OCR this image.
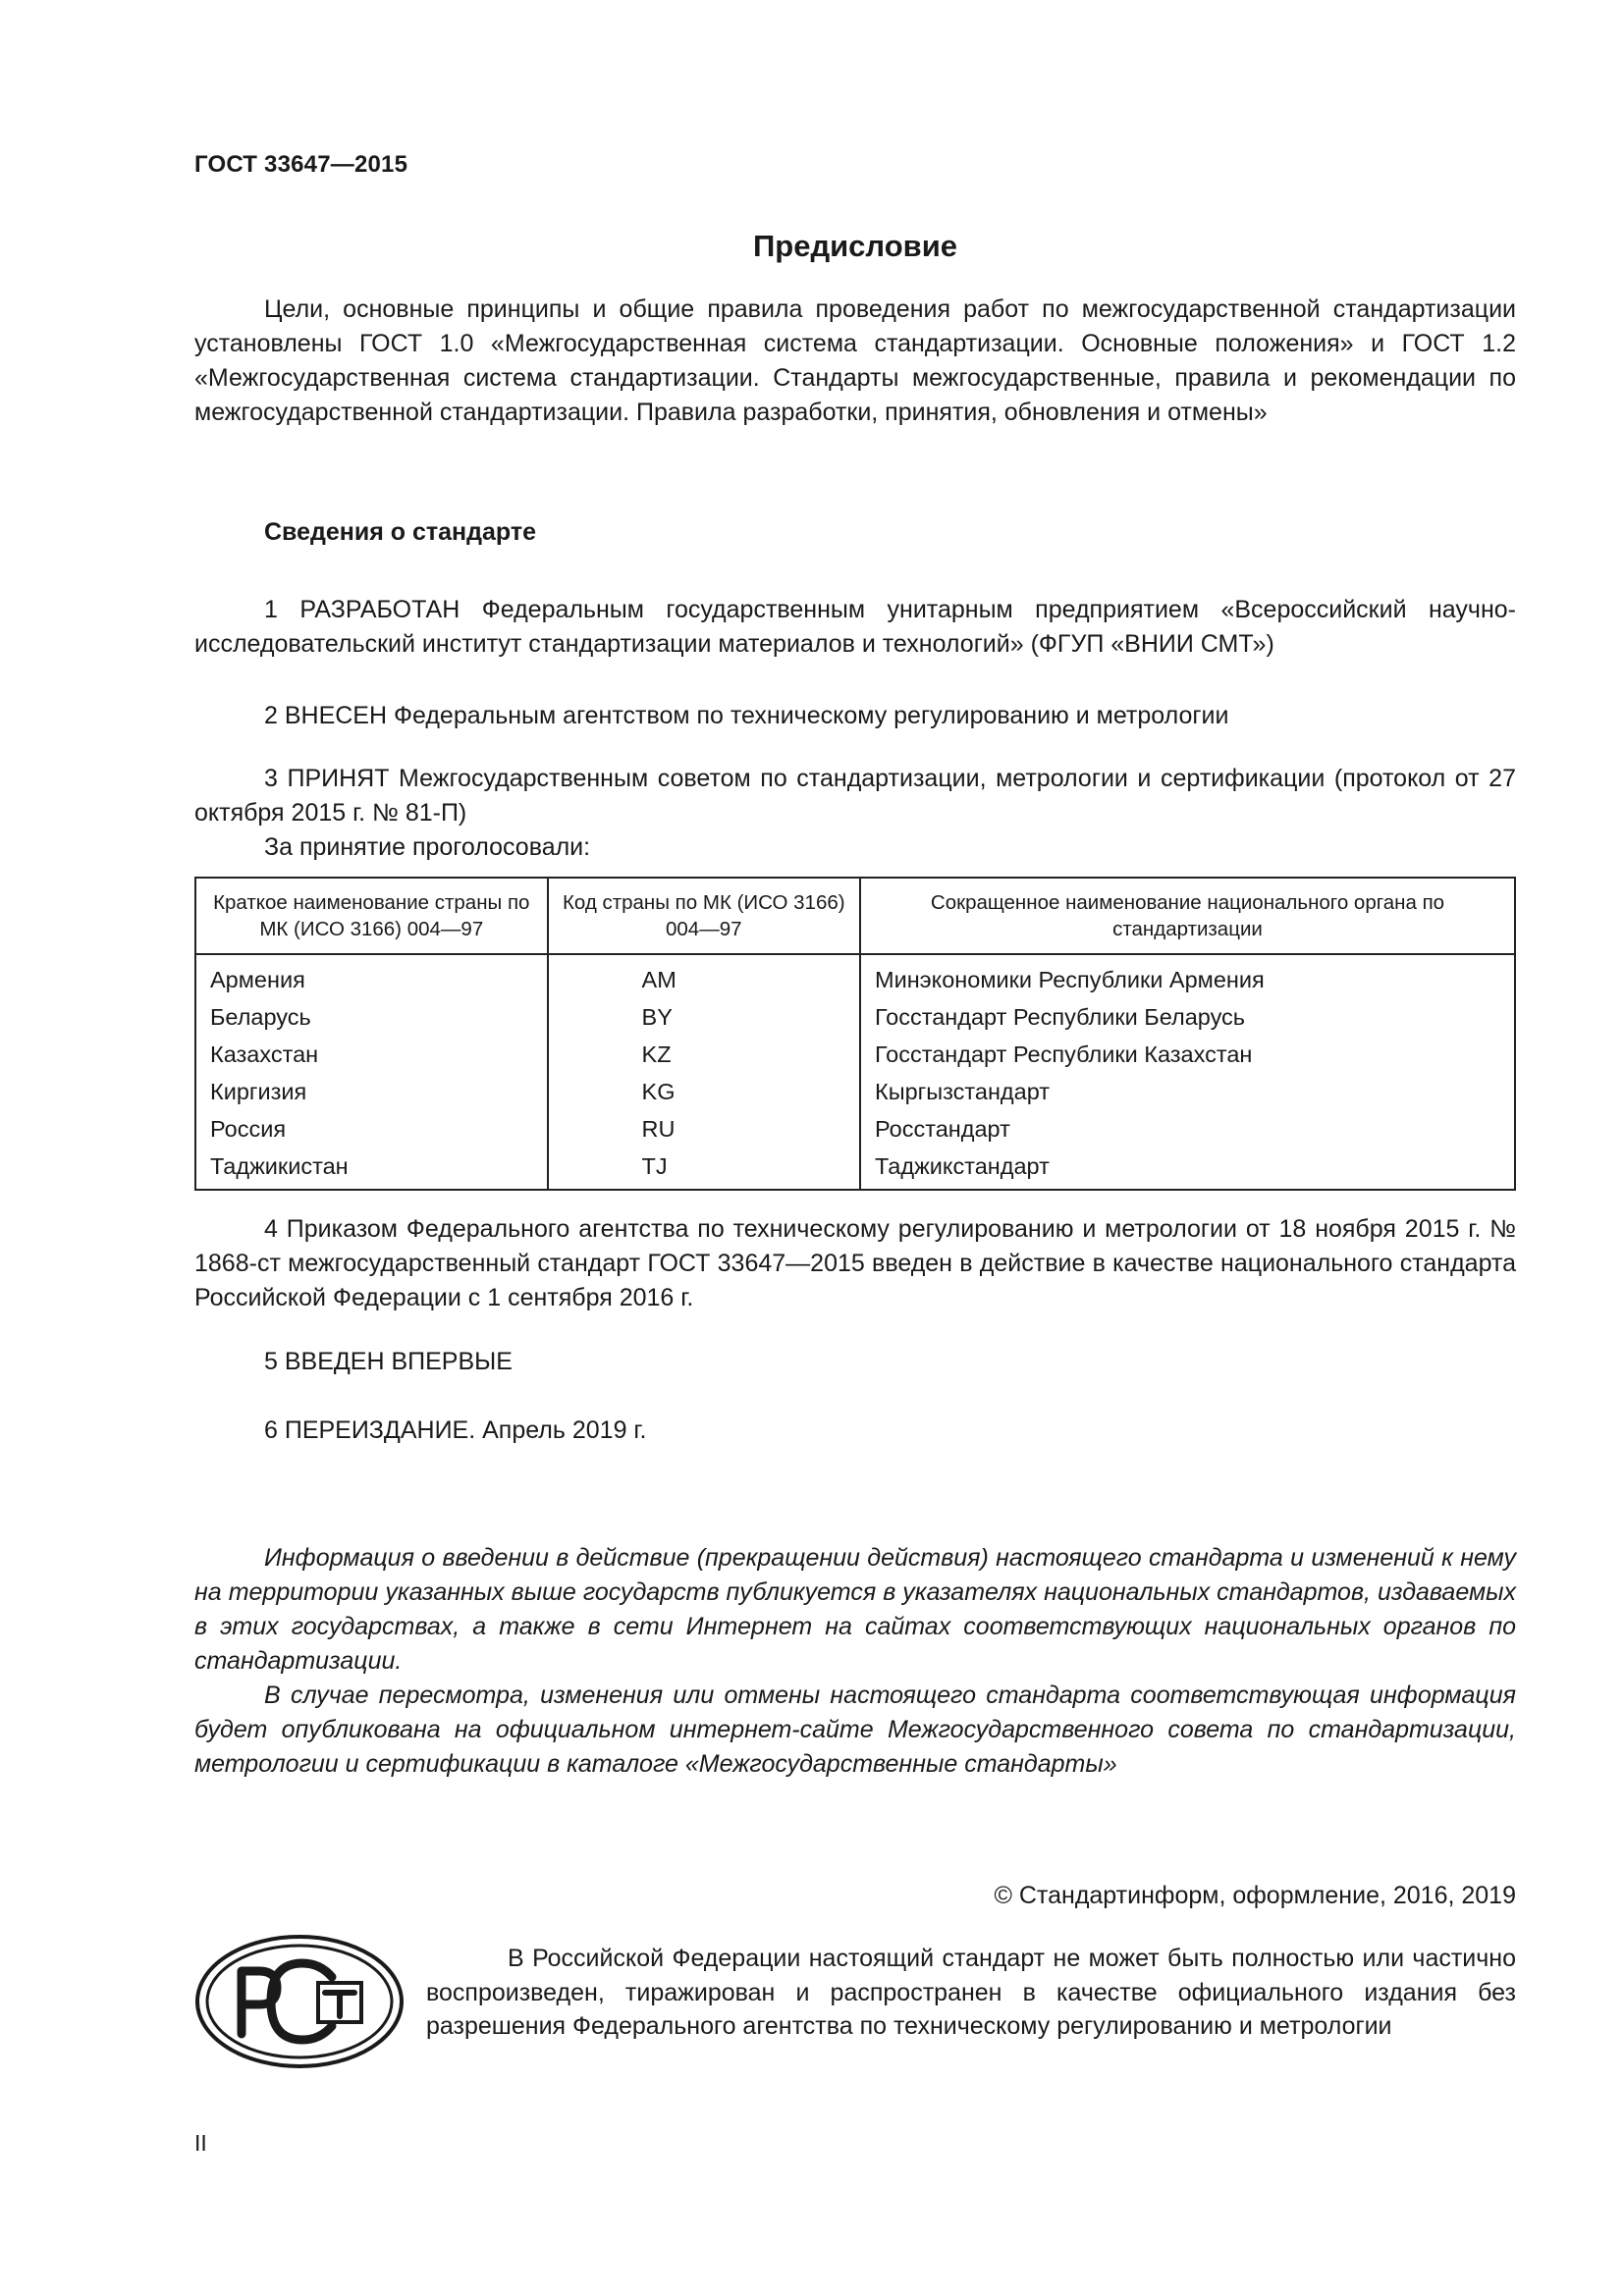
ГОСТ 33647—2015
Предисловие
Цели, основные принципы и общие правила проведения работ по межгосударственной стандартизации установлены ГОСТ 1.0 «Межгосударственная система стандартизации. Основные положения» и ГОСТ 1.2 «Межгосударственная система стандартизации. Стандарты межгосударственные, правила и рекомендации по межгосударственной стандартизации. Правила разработки, принятия, обновления и отмены»
Сведения о стандарте
1 РАЗРАБОТАН Федеральным государственным унитарным предприятием «Всероссийский научно-исследовательский институт стандартизации материалов и технологий» (ФГУП «ВНИИ СМТ»)
2 ВНЕСЕН Федеральным агентством по техническому регулированию и метрологии
3 ПРИНЯТ Межгосударственным советом по стандартизации, метрологии и сертификации (протокол от 27 октября 2015 г. № 81-П)
За принятие проголосовали:
Краткое наименование страны по МК (ИСО 3166) 004—97	Код страны по МК (ИСО 3166) 004—97	Сокращенное наименование национального органа по стандартизации
Армения	AM	Минэкономики Республики Армения
Беларусь	BY	Госстандарт Республики Беларусь
Казахстан	KZ	Госстандарт Республики Казахстан
Киргизия	KG	Кыргызстандарт
Россия	RU	Росстандарт
Таджикистан	TJ	Таджикстандарт
4 Приказом Федерального агентства по техническому регулированию и метрологии от 18 ноября 2015 г. № 1868-ст межгосударственный стандарт ГОСТ 33647—2015 введен в действие в качестве национального стандарта Российской Федерации с 1 сентября 2016 г.
5 ВВЕДЕН ВПЕРВЫЕ
6 ПЕРЕИЗДАНИЕ. Апрель 2019 г.
Информация о введении в действие (прекращении действия) настоящего стандарта и изменений к нему на территории указанных выше государств публикуется в указателях национальных стандартов, издаваемых в этих государствах, а также в сети Интернет на сайтах соответствующих национальных органов по стандартизации.
В случае пересмотра, изменения или отмены настоящего стандарта соответствующая информация будет опубликована на официальном интернет-сайте Межгосударственного совета по стандартизации, метрологии и сертификации в каталоге «Межгосударственные стандарты»
© Стандартинформ, оформление, 2016, 2019
В Российской Федерации настоящий стандарт не может быть полностью или частично воспроизведен, тиражирован и распространен в качестве официального издания без разрешения Федерального агентства по техническому регулированию и метрологии
II
